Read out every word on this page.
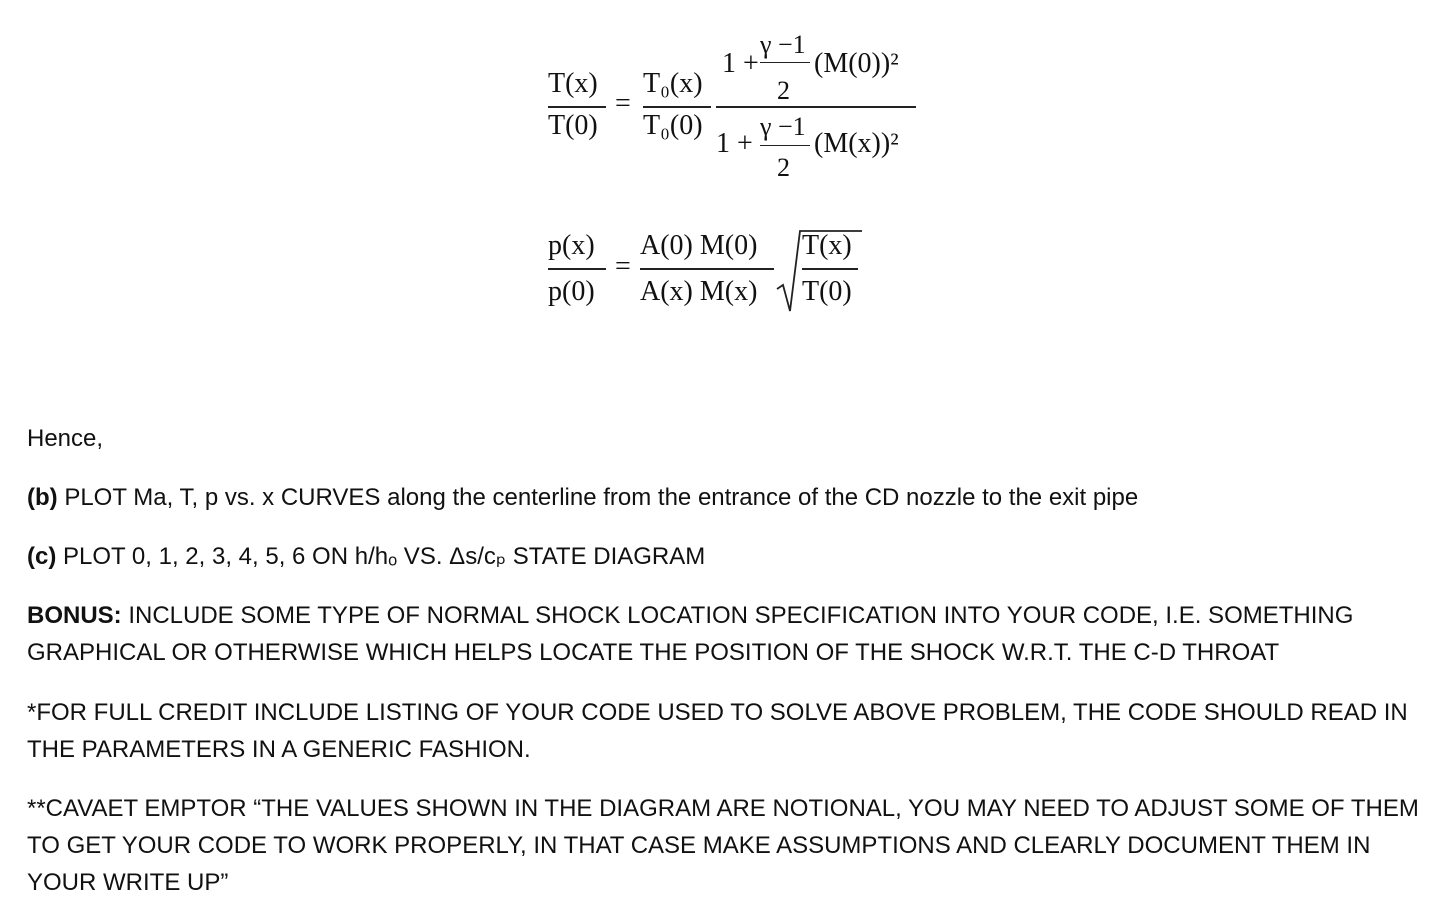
T(x)
T(0)
=
T₀(x)
T₀(0)
1 +
γ −1
2
(M(0))²
1 +
γ −1
2
(M(x))²
p(x)
p(0)
=
A(0) M(0)
A(x) M(x)
T(x)
T(0)
Hence,
(b) PLOT Ma, T, p vs. x CURVES along the centerline from the entrance of the CD nozzle to the exit pipe
(c) PLOT 0, 1, 2, 3, 4, 5, 6 ON h/hₒ VS. Δs/cₚ STATE DIAGRAM
BONUS: INCLUDE SOME TYPE OF NORMAL SHOCK LOCATION SPECIFICATION INTO YOUR CODE, I.E. SOMETHING GRAPHICAL OR OTHERWISE WHICH HELPS LOCATE THE POSITION OF THE SHOCK W.R.T. THE C-D THROAT
*FOR FULL CREDIT INCLUDE LISTING OF YOUR CODE USED TO SOLVE ABOVE PROBLEM, THE CODE SHOULD READ IN THE PARAMETERS IN A GENERIC FASHION.
**CAVAET EMPTOR “THE VALUES SHOWN IN THE DIAGRAM ARE NOTIONAL, YOU MAY NEED TO ADJUST SOME OF THEM TO GET YOUR CODE TO WORK PROPERLY, IN THAT CASE MAKE ASSUMPTIONS AND CLEARLY DOCUMENT THEM IN YOUR WRITE UP”
